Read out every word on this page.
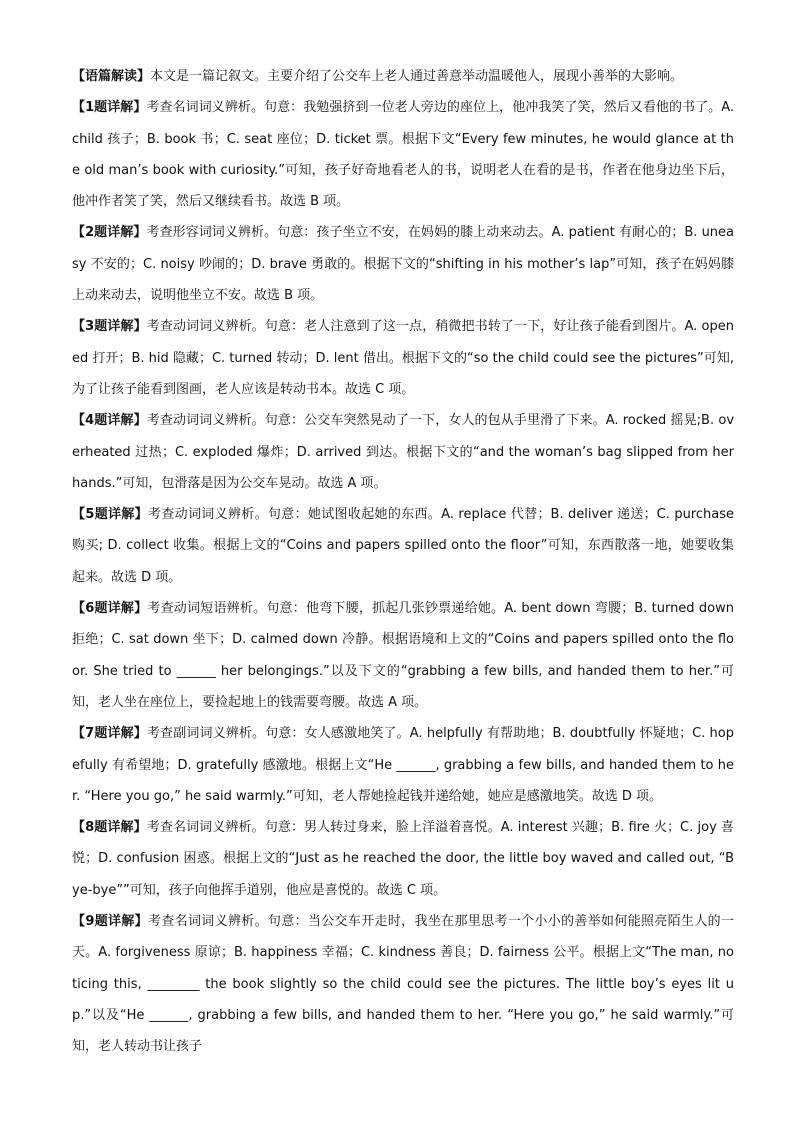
【语篇解读】本文是一篇记叙文。主要介绍了公交车上老人通过善意举动温暖他人，展现小善举的大影响。

【1题详解】考查名词词义辨析。句意：我勉强挤到一位老人旁边的座位上，他冲我笑了笑，然后又看他的书了。A. child 孩子；B. book 书；C. seat 座位；D. ticket 票。根据下文“Every few minutes, he would glance at the old man’s book with curiosity.”可知，孩子好奇地看老人的书，说明老人在看的是书，作者在他身边坐下后，他冲作者笑了笑，然后又继续看书。故选 B 项。

【2题详解】考查形容词词义辨析。句意：孩子坐立不安，在妈妈的膝上动来动去。A. patient 有耐心的；B. uneasy 不安的；C. noisy 吵闹的；D. brave 勇敢的。根据下文的“shifting in his mother’s lap”可知，孩子在妈妈膝上动来动去，说明他坐立不安。故选 B 项。

【3题详解】考查动词词义辨析。句意：老人注意到了这一点，稍微把书转了一下，好让孩子能看到图片。A. opened 打开；B. hid 隐藏；C. turned 转动；D. lent 借出。根据下文的“so the child could see the pictures”可知,为了让孩子能看到图画，老人应该是转动书本。故选 C 项。

【4题详解】考查动词词义辨析。句意：公交车突然晃动了一下，女人的包从手里滑了下来。A. rocked 摇晃;B. overheated 过热；C. exploded 爆炸；D. arrived 到达。根据下文的“and the woman’s bag slipped from her hands.”可知，包滑落是因为公交车晃动。故选 A 项。

【5题详解】考查动词词义辨析。句意：她试图收起她的东西。A. replace 代替；B. deliver 递送；C. purchase 购买; D. collect 收集。根据上文的“Coins and papers spilled onto the floor”可知，东西散落一地，她要收集起来。故选 D 项。

【6题详解】考查动词短语辨析。句意：他弯下腰，抓起几张钞票递给她。A. bent down 弯腰；B. turned down 拒绝；C. sat down 坐下；D. calmed down 冷静。根据语境和上文的“Coins and papers spilled onto the floor. She tried to ______ her belongings.”以及下文的“grabbing a few bills, and handed them to her.”可知，老人坐在座位上，要捡起地上的钱需要弯腰。故选 A 项。

【7题详解】考查副词词义辨析。句意：女人感激地笑了。A. helpfully 有帮助地；B. doubtfully 怀疑地；C. hopefully 有希望地；D. gratefully 感激地。根据上文“He ______, grabbing a few bills, and handed them to her. “Here you go,” he said warmly.”可知，老人帮她捡起钱并递给她，她应是感激地笑。故选 D 项。

【8题详解】考查名词词义辨析。句意：男人转过身来，脸上洋溢着喜悦。A. interest 兴趣；B. fire 火；C. joy 喜悦；D. confusion 困惑。根据上文的“Just as he reached the door, the little boy waved and called out, “Bye-bye””可知，孩子向他挥手道别，他应是喜悦的。故选 C 项。

【9题详解】考查名词词义辨析。句意：当公交车开走时，我坐在那里思考一个小小的善举如何能照亮陌生人的一天。A. forgiveness 原谅；B. happiness 幸福；C. kindness 善良；D. fairness 公平。根据上文“The man, noticing this, ________ the book slightly so the child could see the pictures. The little boy’s eyes lit up.”以及“He ______, grabbing a few bills, and handed them to her. “Here you go,” he said warmly.”可知，老人转动书让孩子
